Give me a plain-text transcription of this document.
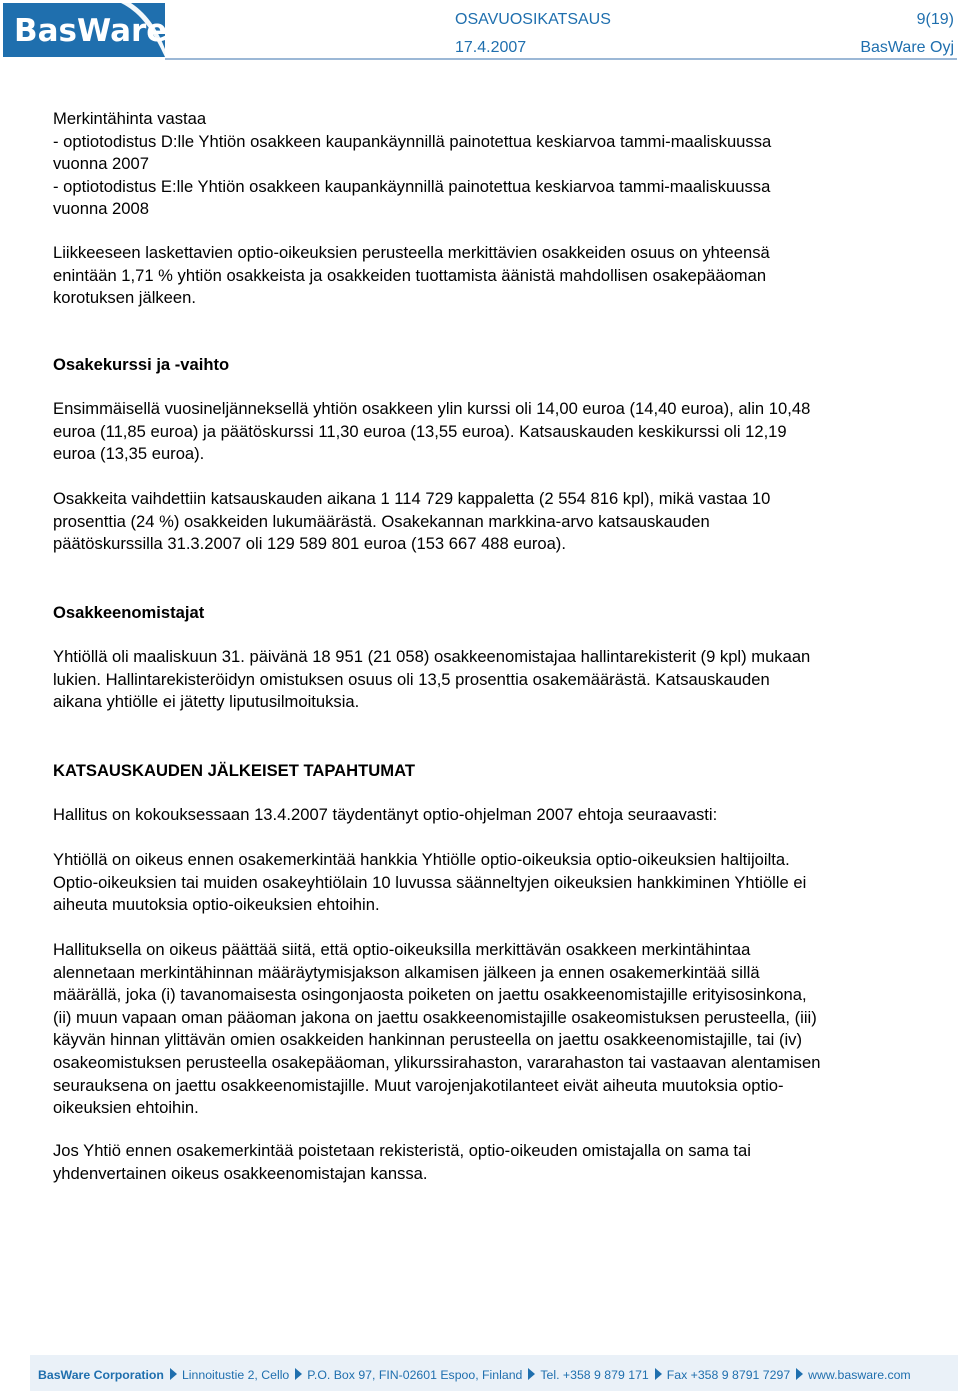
BasWare	OSAVUOSIKATSAUS	9(19)
17.4.2007	BasWare Oyj
Merkintähinta vastaa
- optiotodistus D:lle Yhtiön osakkeen kaupankäynnillä painotettua keskiarvoa tammi-maaliskuussa
vuonna 2007
- optiotodistus E:lle Yhtiön osakkeen kaupankäynnillä painotettua keskiarvoa tammi-maaliskuussa
vuonna 2008
Liikkeeseen laskettavien optio-oikeuksien perusteella merkittävien osakkeiden osuus on yhteensä
enintään 1,71 % yhtiön osakkeista ja osakkeiden tuottamista äänistä mahdollisen osakepääoman
korotuksen jälkeen.
Osakekurssi ja -vaihto
Ensimmäisellä vuosineljänneksellä yhtiön osakkeen ylin kurssi oli 14,00 euroa (14,40 euroa), alin 10,48
euroa (11,85 euroa) ja päätöskurssi 11,30 euroa (13,55 euroa). Katsauskauden keskikurssi oli 12,19
euroa (13,35 euroa).
Osakkeita vaihdettiin katsauskauden aikana 1 114 729 kappaletta (2 554 816 kpl), mikä vastaa 10
prosenttia (24 %) osakkeiden lukumäärästä. Osakekannan markkina-arvo katsauskauden
päätöskurssilla 31.3.2007 oli 129 589 801 euroa (153 667 488 euroa).
Osakkeenomistajat
Yhtiöllä oli maaliskuun 31. päivänä 18 951 (21 058) osakkeenomistajaa hallintarekisterit (9 kpl) mukaan
lukien. Hallintarekisteröidyn omistuksen osuus oli 13,5 prosenttia osakemäärästä. Katsauskauden
aikana yhtiölle ei jätetty liputusilmoituksia.
KATSAUSKAUDEN JÄLKEISET TAPAHTUMAT
Hallitus on kokouksessaan 13.4.2007 täydentänyt optio-ohjelman 2007 ehtoja seuraavasti:
Yhtiöllä on oikeus ennen osakemerkintää hankkia Yhtiölle optio-oikeuksia optio-oikeuksien haltijoilta.
Optio-oikeuksien tai muiden osakeyhtiölain 10 luvussa säänneltyjen oikeuksien hankkiminen Yhtiölle ei
aiheuta muutoksia optio-oikeuksien ehtoihin.
Hallituksella on oikeus päättää siitä, että optio-oikeuksilla merkittävän osakkeen merkintähintaa
alennetaan merkintähinnan määräytymisjakson alkamisen jälkeen ja ennen osakemerkintää sillä
määrällä, joka (i) tavanomaisesta osingonjaosta poiketen on jaettu osakkeenomistajille erityisosinkona,
(ii) muun vapaan oman pääoman jakona on jaettu osakkeenomistajille osakeomistuksen perusteella, (iii)
käyvän hinnan ylittävän omien osakkeiden hankinnan perusteella on jaettu osakkeenomistajille, tai (iv)
osakeomistuksen perusteella osakepääoman, ylikurssirahaston, vararahaston tai vastaavan alentamisen
seurauksena on jaettu osakkeenomistajille. Muut varojenjakotilanteet eivät aiheuta muutoksia optio-
oikeuksien ehtoihin.
Jos Yhtiö ennen osakemerkintää poistetaan rekisteristä, optio-oikeuden omistajalla on sama tai
yhdenvertainen oikeus osakkeenomistajan kanssa.
BasWare Corporation Linnoitustie 2, Cello P.O. Box 97, FIN-02601 Espoo, Finland Tel. +358 9 879 171 Fax +358 9 8791 7297 www.basware.com
